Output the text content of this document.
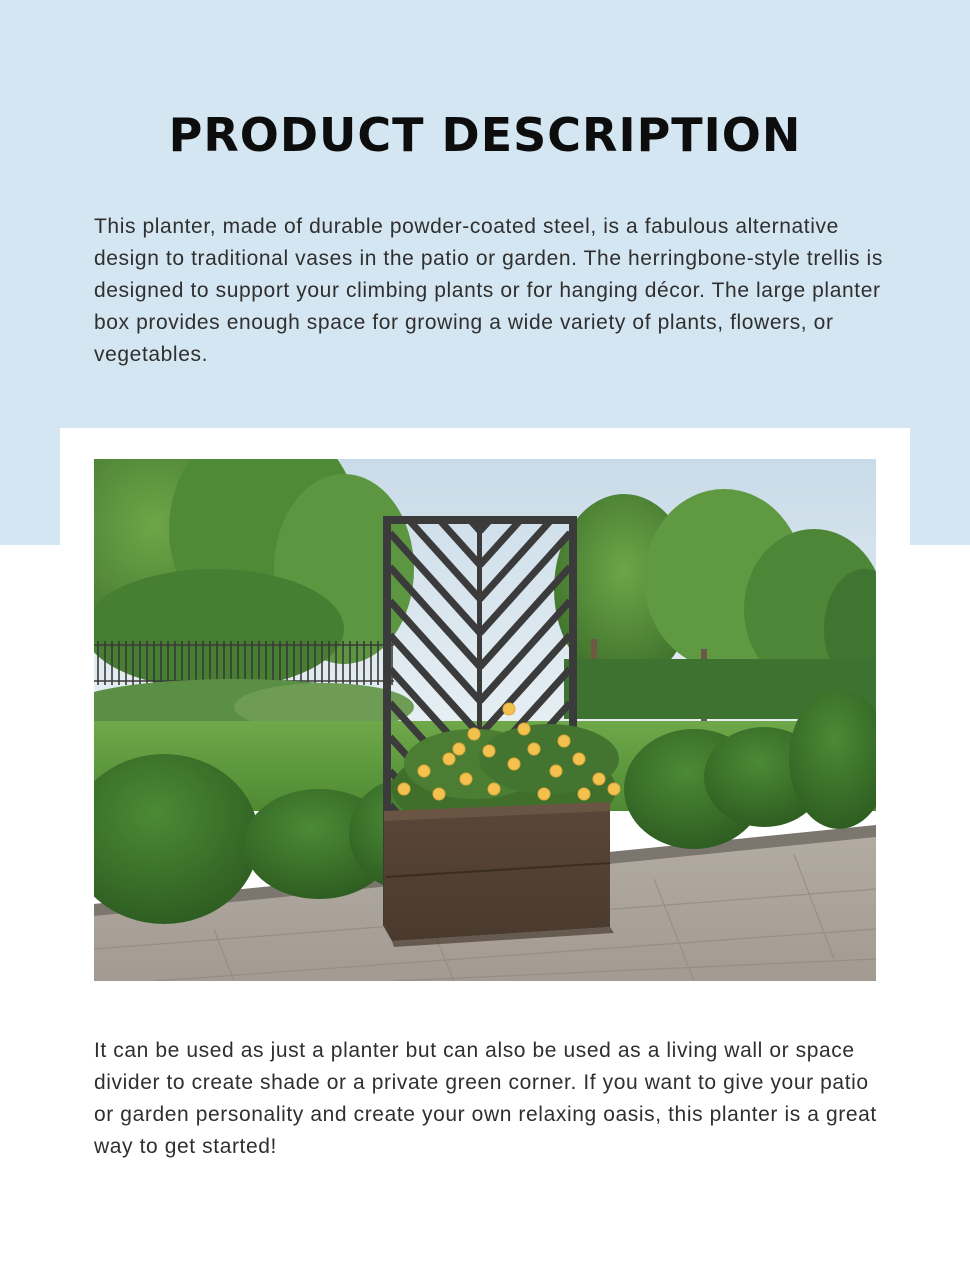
PRODUCT DESCRIPTION

This planter, made of durable powder-coated steel, is a fabulous alternative design to traditional vases in the patio or garden. The herringbone-style trellis is designed to support your climbing plants or for hanging décor. The large planter box provides enough space for growing a wide variety of plants, flowers, or vegetables.

It can be used as just a planter but can also be used as a living wall or space divider to create shade or a private green corner. If you want to give your patio or garden personality and create your own relaxing oasis, this planter is a great way to get started!
